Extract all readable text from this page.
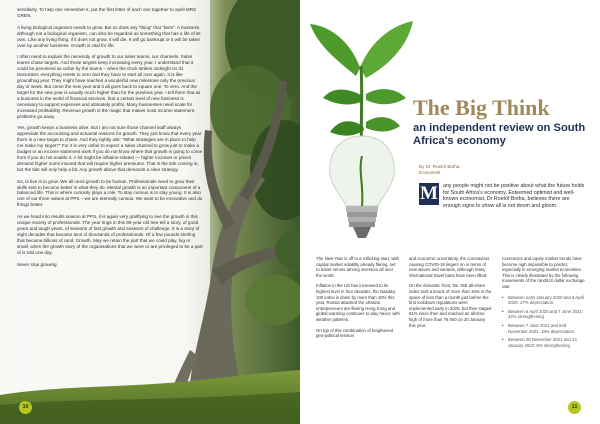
sensitivity. To help one remember it, put the first letter of each one together to spell MRS GREN.

A living biological organism needs to grow. But so does any "thing" that "lives". A business, although not a biological organism, can also be regarded as something that has a life of its own. Like any living thing, if it does not grow, it will die. It will go bankrupt or it will be taken over by another business. Growth is vital for life.

I often need to explain the necessity of growth to our sales teams, our channels. Sales teams chase targets. And those targets keep increasing every year. I understand that it could be perceived as unfair by the teams – when the clock strikes midnight on 31 December, everything resets to zero and they have to start all over again. It is like groundhog year. They might have reached a wonderful new milestone only the previous day or week. But come the new year and it all goes back to square one. To zero. And the target for the new year is usually much higher than for the previous year. I tell them that as a business in the world of financial services, that a certain level of new business is necessary to support expenses and ultimately profits. Many businesses need scale for increased profitability. Revenue growth is the magic that makes most income statement problems go away.

Yes, growth keeps a business alive. But I am not sure those channel staff always appreciate the accounting and actuarial reasons for growth. They just know that every year there is a new target to chase. And they rightly ask: "What strategies are in place to help me make my target?" For it is very unfair to expect a sales channel to grow just to make a budget or an income statement work if you do not know where that growth is going to come from if you do not enable it. A bit might be inflation-related — higher incomes or prices demand higher sums insured that will require higher premiums. That is the tide coming in, but the tide will only help a bit. Any growth above that demands a clear strategy.

So, to live is to grow. We all need growth to be human. Professionals need to grow their skills sets to become better in what they do. Mental growth is an important component of a balanced life. This is where curiosity plays a role. To stay curious is to stay young. It is also one of our three values at PPS – we are eternally curious. We want to be innovative and do things better.

As we head into results season at PPS, it is again very gratifying to see the growth in this unique society of professionals. The year rings in this 80-year old tree tell a story, of good years and tough years, of seasons of fast growth and seasons of challenge. It is a story of eight decades that became tens of thousands of professionals. Of a few pounds sterling that became billions of rand. Growth. May we retain the part that we could play, big or small, when the growth story of the organisations that we were or are privileged to be a part of is told one day.

Never stop growing.

10
The Big Think
an independent review on South Africa's economy
By Dr. Roelof Botha,
Economist
M any people might not be positive about what the future holds for South Africa's economy. Esteemed optimist and well-known economist, Dr Roelof Botha, believes there are enough signs to show all is not doom and gloom.

The New Year is off to a rollicking start, with capital market volatility already flaring, set to travel nerves among investors all over the world.

Inflation in the US has increased to its highest level in four decades, the Nasdaq 100 index is down by more than 10% this year, Russia attacked the Ukraine, entrepreneurs are fleeing Hong Kong and global warming continues to play havoc with weather patterns.

On top of this combination of heightened geo-political tension

and economic uncertainty, the coronavirus causing COVID-19 lingers on in terms of new waves and variants, although many international travel bans have been lifted.

On the domestic front, the JSE all-share index took a knock of more than 34% in the space of less than a month just before the first lockdown regulations were implemented early in 2020, but then staged 81% since then and reached an all-time high of more than 76 000 on 20 January this year.

Currencies and equity market trends have become nigh impossible to predict, especially in emerging market economies. This is clearly illustrated by the following movements of the rand/US dollar exchange rate:

• Between early January 2020 and 6 April 2020: 27% depreciation.
• Between 6 April 2020 and 7 June 2021: 42% strengthening
• Between 7 June 2021 and end November 2021: 18% depreciation.
• Between 28 November 2021 and 24 January 2022: 8% strengthening
11
